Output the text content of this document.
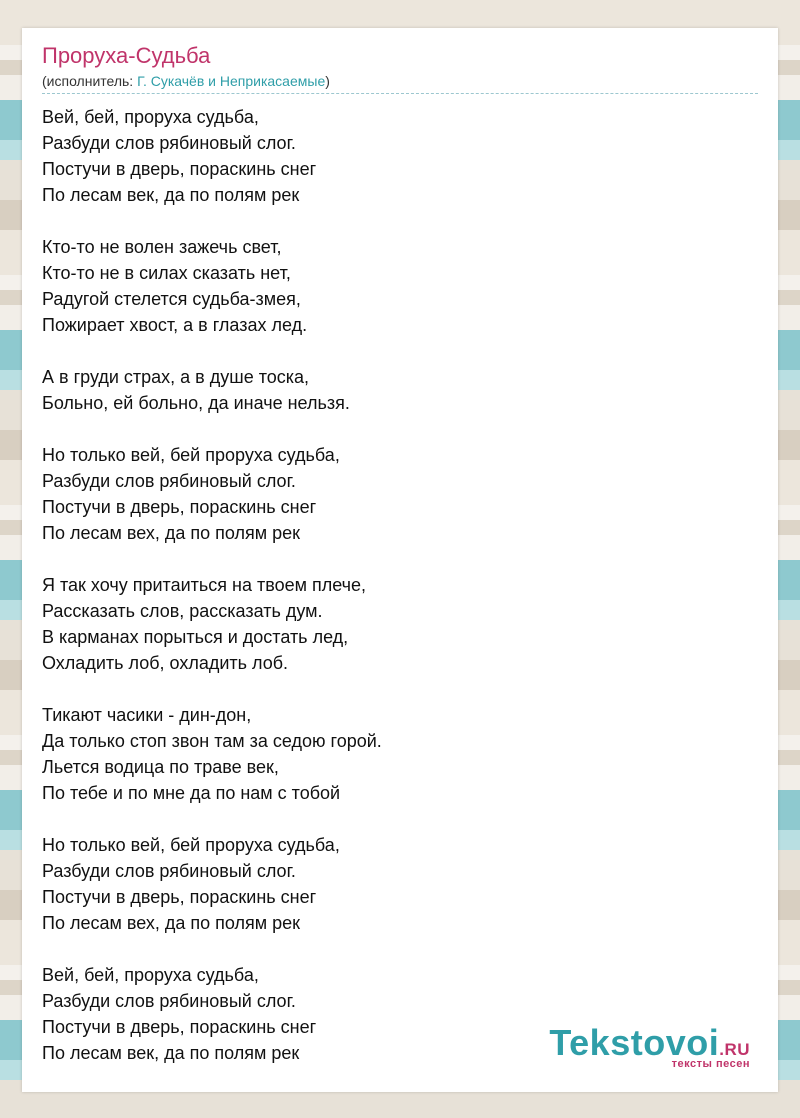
Проруха-Судьба
(исполнитель: Г. Сукачёв и Неприкасаемые)
Вей, бей, проруха судьба,
Разбуди слов рябиновый слог.
Постучи в дверь, пораскинь снег
По лесам век, да по полям рек
Кто-то не волен зажечь свет,
Кто-то не в силах сказать нет,
Радугой стелется судьба-змея,
Пожирает хвост, а в глазах лед.
А в груди страх, а в душе тоска,
Больно, ей больно, да иначе нельзя.
Но только вей, бей проруха судьба,
Разбуди слов рябиновый слог.
Постучи в дверь, пораскинь снег
По лесам вех, да по полям рек
Я так хочу притаиться на твоем плече,
Рассказать слов, рассказать дум.
В карманах порыться и достать лед,
Охладить лоб, охладить лоб.
Тикают часики - дин-дон,
Да только стоп звон там за седою горой.
Льется водица по траве век,
По тебе и по мне да по нам с тобой
Но только вей, бей проруха судьба,
Разбуди слов рябиновый слог.
Постучи в дверь, пораскинь снег
По лесам вех, да по полям рек
Вей, бей, проруха судьба,
Разбуди слов рябиновый слог.
Постучи в дверь, пораскинь снег
По лесам век, да по полям рек	Tekstovoi.RU
тексты песен
